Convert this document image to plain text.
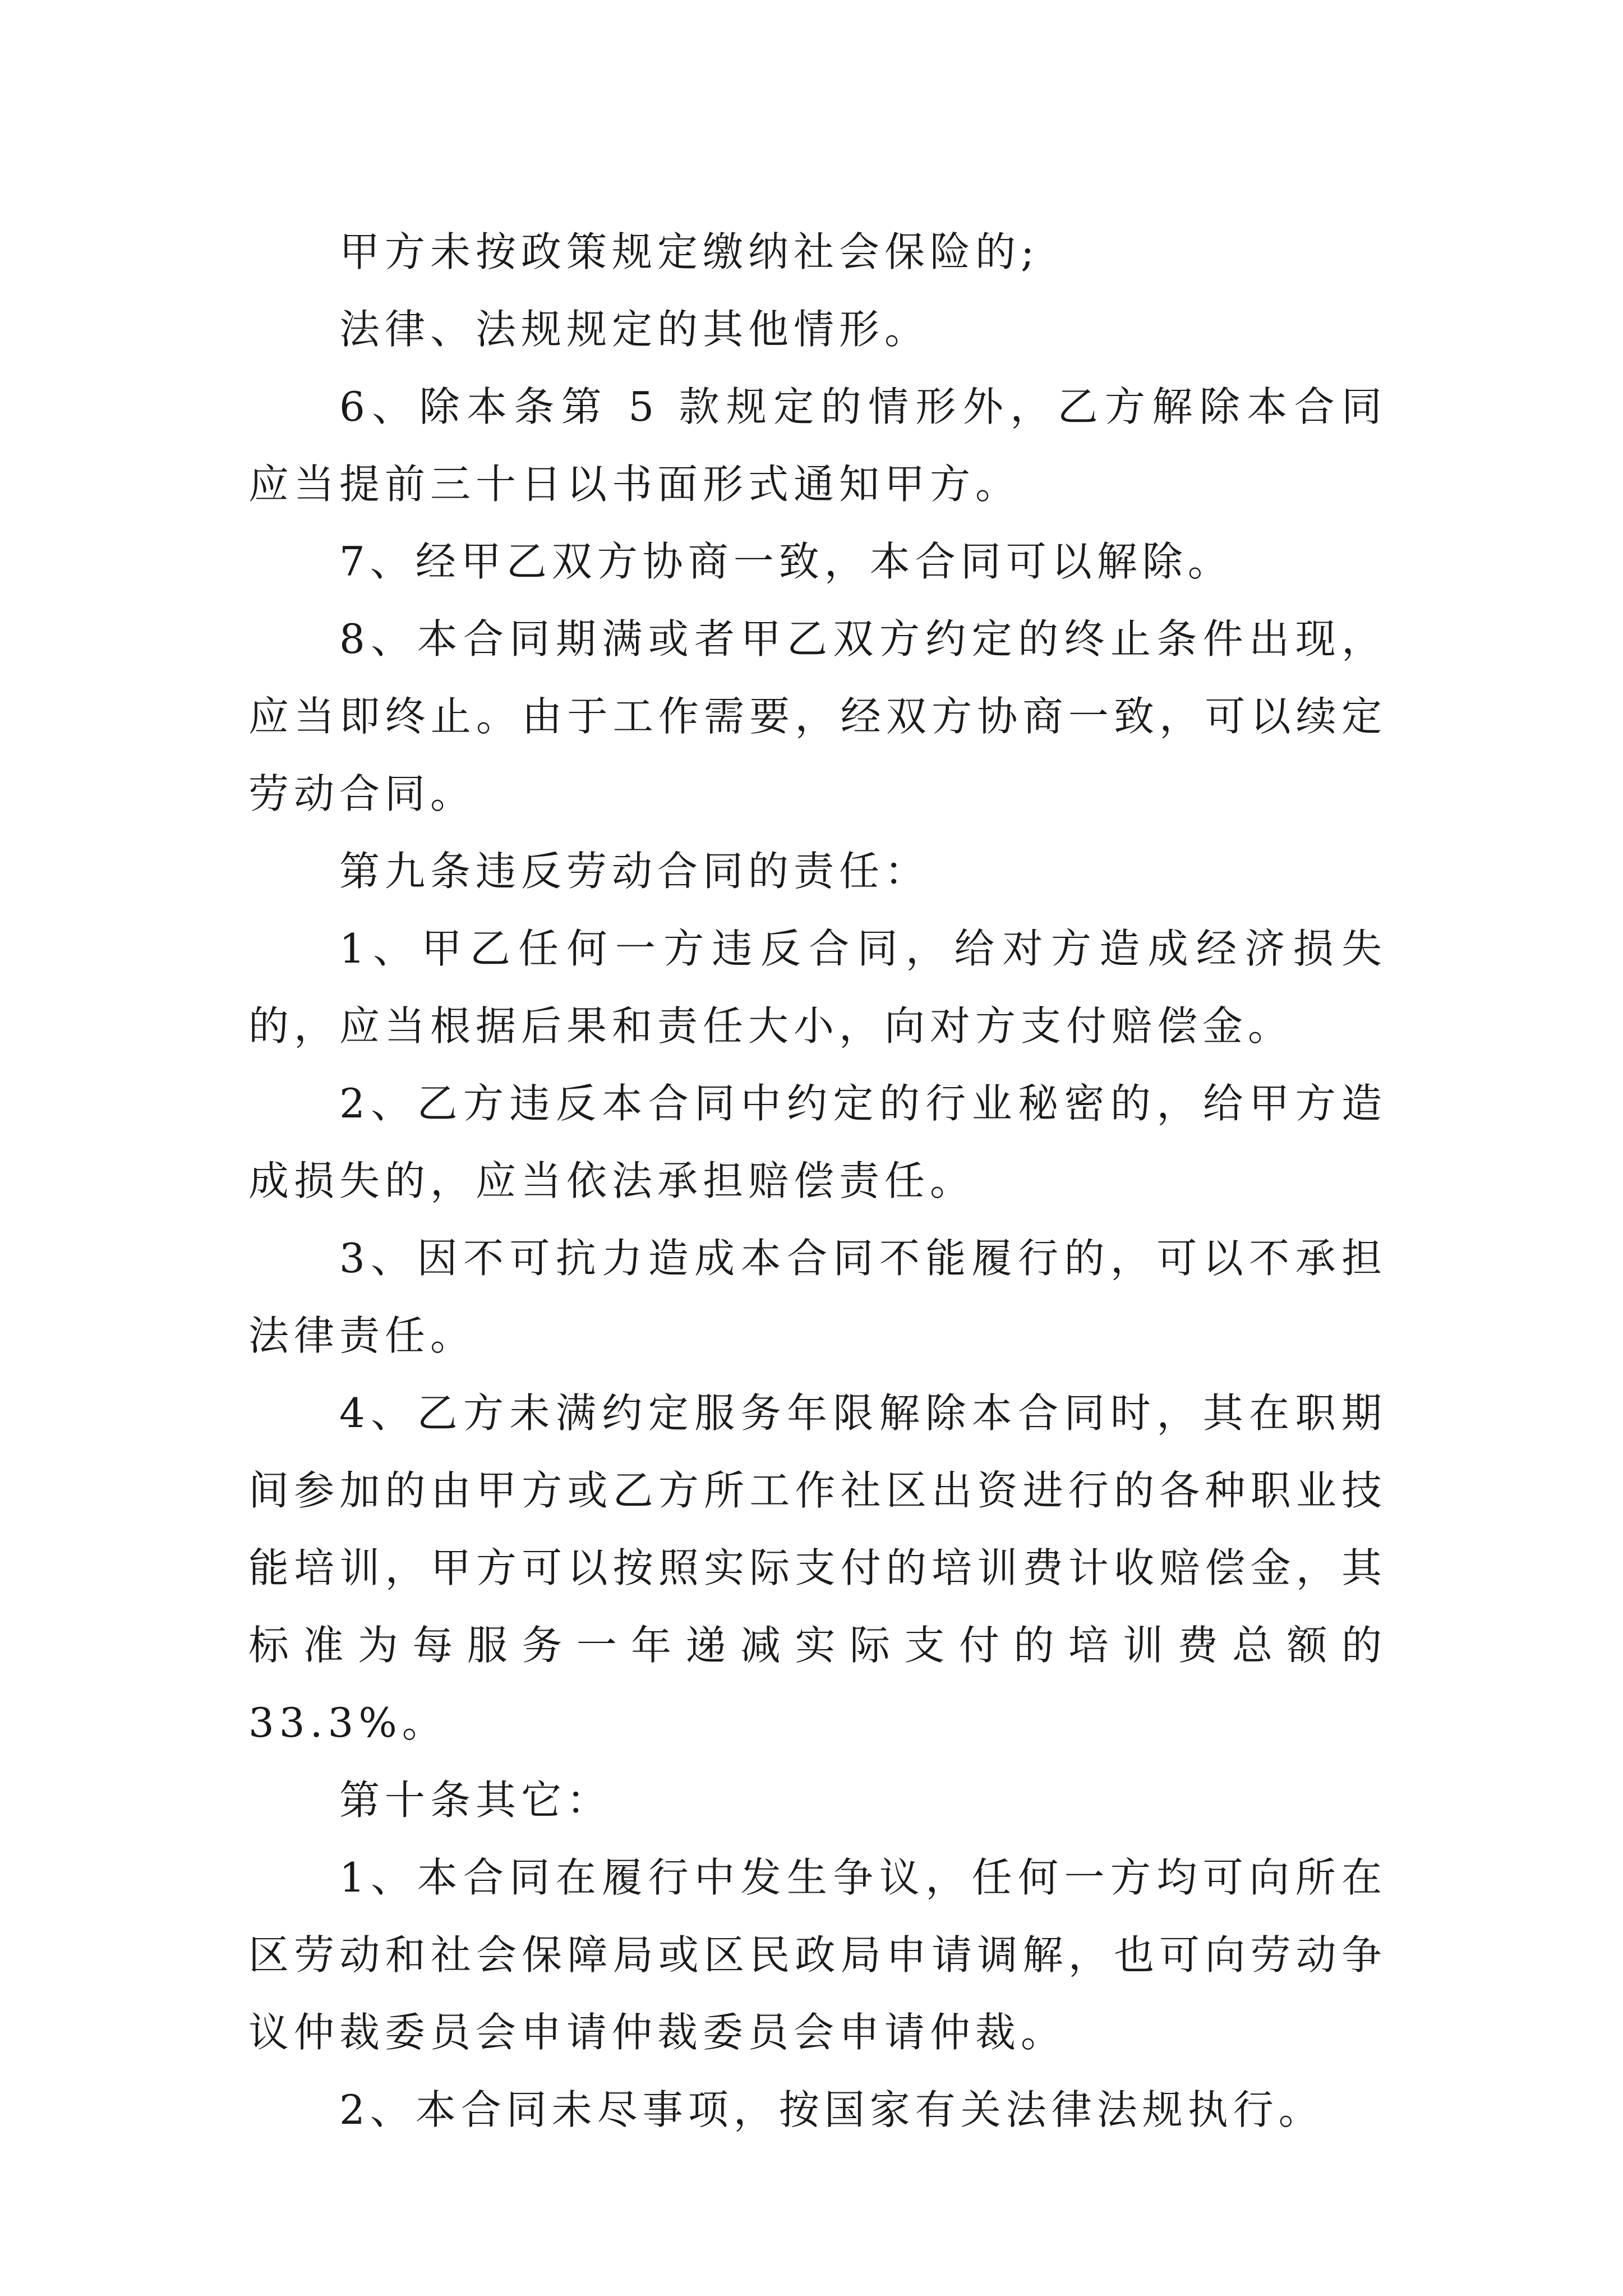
甲方未按政策规定缴纳社会保险的;

法律、法规规定的其他情形。

6、除本条第 5 款规定的情形外，乙方解除本合同应当提前三十日以书面形式通知甲方。

7、经甲乙双方协商一致，本合同可以解除。

8、本合同期满或者甲乙双方约定的终止条件出现，应当即终止。由于工作需要，经双方协商一致，可以续定劳动合同。

第九条违反劳动合同的责任：

1、甲乙任何一方违反合同，给对方造成经济损失的，应当根据后果和责任大小，向对方支付赔偿金。

2、乙方违反本合同中约定的行业秘密的，给甲方造成损失的，应当依法承担赔偿责任。

3、因不可抗力造成本合同不能履行的，可以不承担法律责任。

4、乙方未满约定服务年限解除本合同时，其在职期间参加的由甲方或乙方所工作社区出资进行的各种职业技能培训，甲方可以按照实际支付的培训费计收赔偿金，其标准为每服务一年递减实际支付的培训费总额的 33.3%。

第十条其它：

1、本合同在履行中发生争议，任何一方均可向所在区劳动和社会保障局或区民政局申请调解，也可向劳动争议仲裁委员会申请仲裁委员会申请仲裁。

2、本合同未尽事项，按国家有关法律法规执行。
